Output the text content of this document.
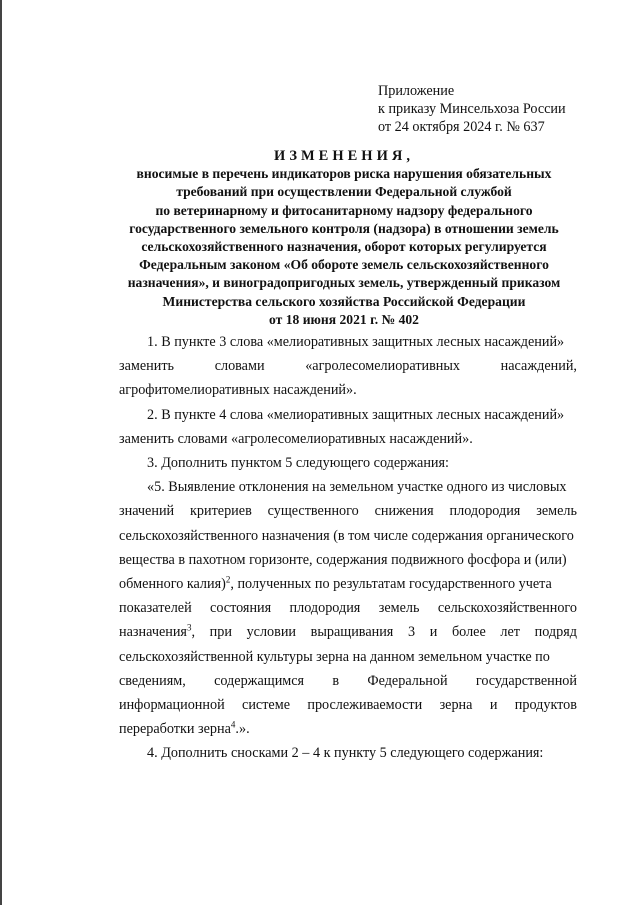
Приложение
к приказу Минсельхоза России
от 24 октября 2024 г. № 637
ИЗМЕНЕНИЯ,
вносимые в перечень индикаторов риска нарушения обязательных
требований при осуществлении Федеральной службой
по ветеринарному и фитосанитарному надзору федерального
государственного земельного контроля (надзора) в отношении земель
сельскохозяйственного назначения, оборот которых регулируется
Федеральным законом «Об обороте земель сельскохозяйственного
назначения», и виноградопригодных земель, утвержденный приказом
Министерства сельского хозяйства Российской Федерации
от 18 июня 2021 г. № 402
1. В пункте 3 слова «мелиоративных защитных лесных насаждений»
заменить	словами	«агролесомелиоративных	насаждений,
агрофитомелиоративных насаждений».
2. В пункте 4 слова «мелиоративных защитных лесных насаждений»
заменить словами «агролесомелиоративных насаждений».
3. Дополнить пунктом 5 следующего содержания:
«5. Выявление отклонения на земельном участке одного из числовых
значений критериев существенного снижения плодородия земель
сельскохозяйственного назначения (в том числе содержания органического
вещества в пахотном горизонте, содержания подвижного фосфора и (или)
обменного калия)$^2$, полученных по результатам государственного учета
показателей состояния плодородия земель сельскохозяйственного
назначения$^3$, при условии выращивания 3 и более лет подряд
сельскохозяйственной культуры зерна на данном земельном участке по
сведениям, содержащимся в Федеральной государственной
информационной системе прослеживаемости зерна и продуктов
переработки зерна$^4$.».
4. Дополнить сносками 2 – 4 к пункту 5 следующего содержания:
